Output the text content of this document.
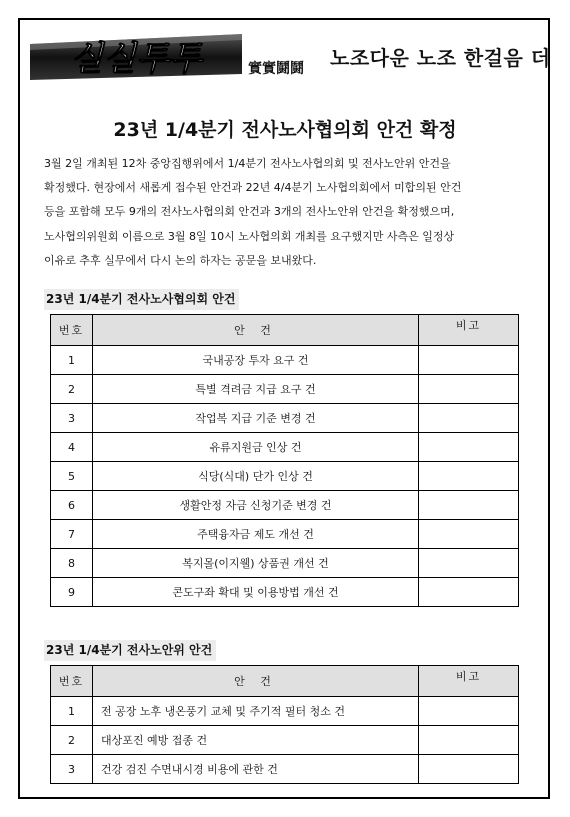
실실투투	實實鬪鬪 노조다운 노조 한걸음 더
23년 1/4분기 전사노사협의회 안건 확정
3월 2일 개최된 12차 중앙집행위에서 1/4분기 전사노사협의회 및 전사노안위 안건을
확정했다. 현장에서 새롭게 접수된 안건과 22년 4/4분기 노사협의회에서 미합의된 안건
등을 포함해 모두 9개의 전사노사협의회 안건과 3개의 전사노안위 안건을 확정했으며,
노사협의위원회 이름으로 3월 8일 10시 노사협의회 개최를 요구했지만 사측은 일정상
이유로 추후 실무에서 다시 논의 하자는 공문을 보내왔다.
23년 1/4분기 전사노사협의회 안건
번호	안 건	비고
1	국내공장 투자 요구 건	
2	특별 격려금 지급 요구 건	
3	작업복 지급 기준 변경 건	
4	유류지원금 인상 건	
5	식당(식대) 단가 인상 건	
6	생활안정 자금 신청기준 변경 건	
7	주택융자금 제도 개선 건	
8	복지몰(이지웰) 상품권 개선 건	
9	콘도구좌 확대 및 이용방법 개선 건	
23년 1/4분기 전사노안위 안건
번호	안 건	비고
1	전 공장 노후 냉온풍기 교체 및 주기적 필터 청소 건	
2	대상포진 예방 접종 건	
3	건강 검진 수면내시경 비용에 관한 건	
